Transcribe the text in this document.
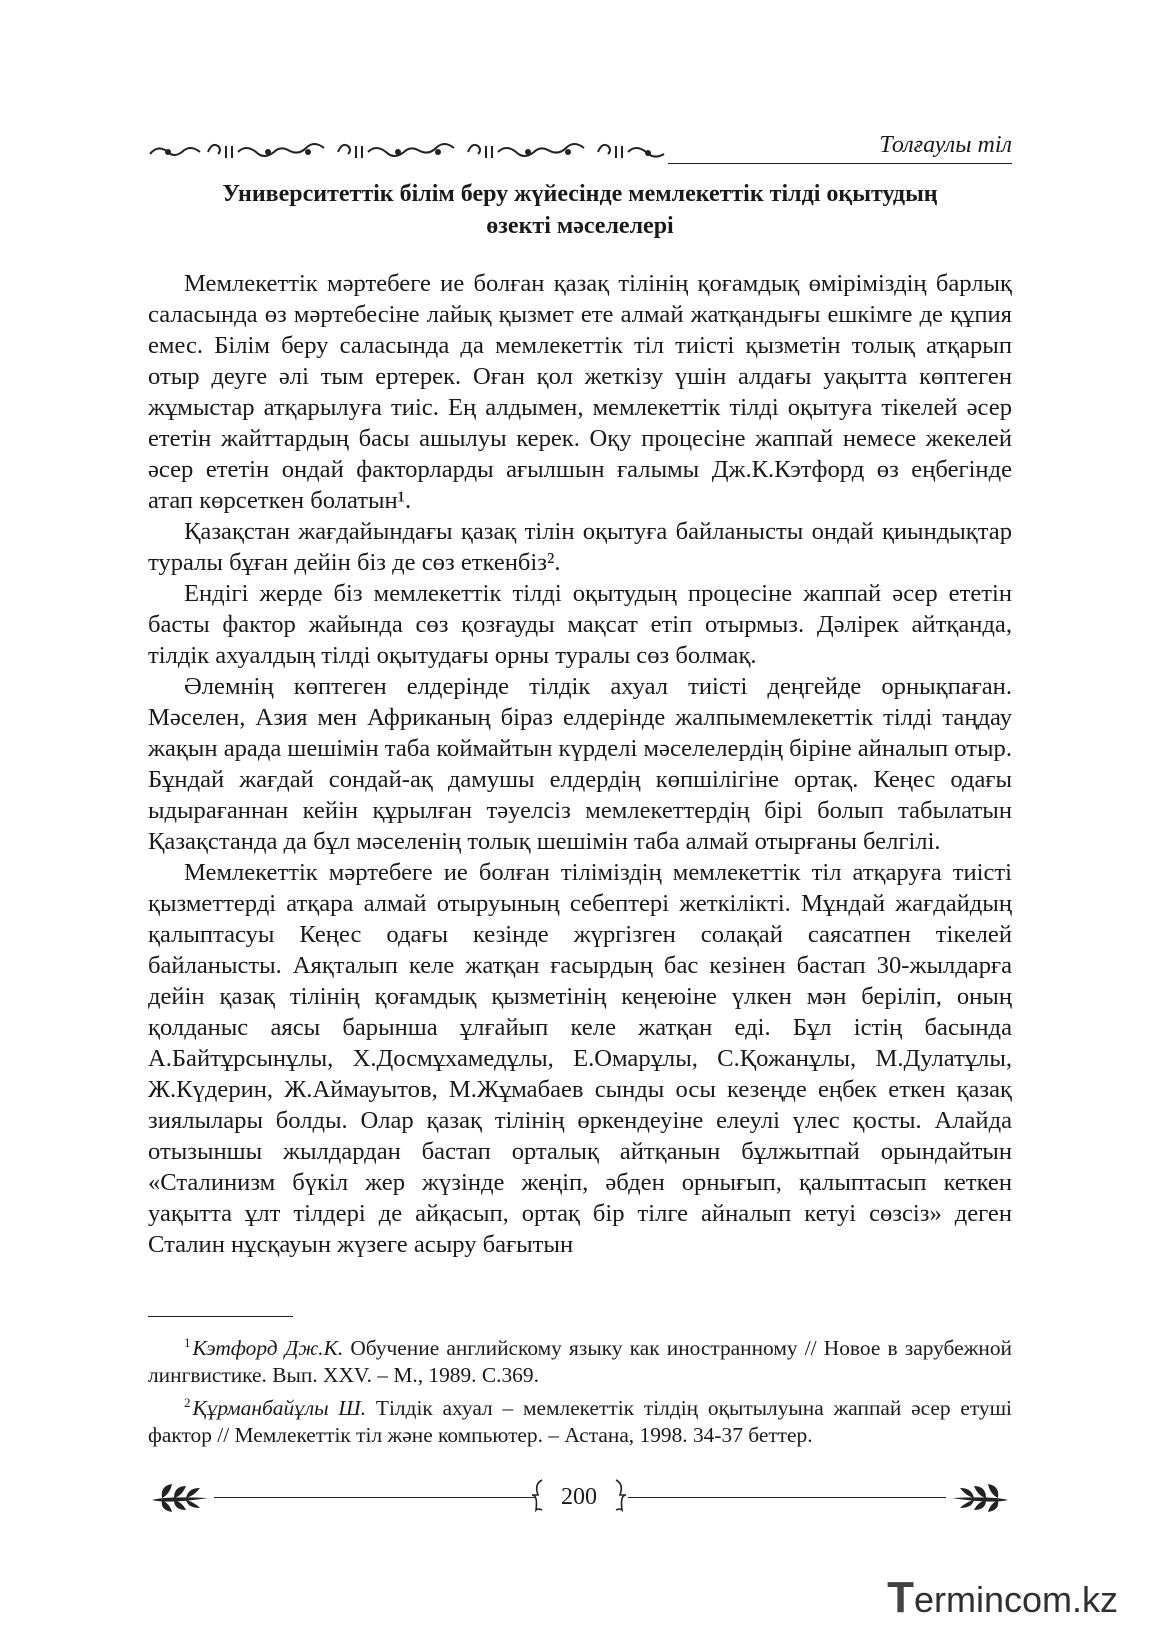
Толғаулы тіл
Университеттік білім беру жүйесінде мемлекеттік тілді оқытудың
өзекті мәселелері

Мемлекеттік мәртебеге ие болған қазақ тілінің қоғамдық өміріміздің барлық саласында өз мәртебесіне лайық қызмет ете алмай жатқандығы ешкімге де құпия емес. Білім беру саласында да мемлекеттік тіл тиісті қызметін толық атқарып отыр деуге әлі тым ертерек. Оған қол жеткізу үшін алдағы уақытта көптеген жұмыстар атқарылуға тиіс. Ең алдымен, мемлекеттік тілді оқытуға тікелей әсер ететін жайттардың басы ашылуы керек. Оқу процесіне жаппай немесе жекелей әсер ететін ондай факторларды ағылшын ғалымы Дж.К.Кэтфорд өз еңбегінде атап көрсеткен болатын¹.

Қазақстан жағдайындағы қазақ тілін оқытуға байланысты ондай қиындықтар туралы бұған дейін біз де сөз еткенбіз².

Ендігі жерде біз мемлекеттік тілді оқытудың процесіне жаппай әсер ететін басты фактор жайында сөз қозғауды мақсат етіп отырмыз. Дәлірек айтқанда, тілдік ахуалдың тілді оқытудағы орны туралы сөз болмақ.

Әлемнің көптеген елдерінде тілдік ахуал тиісті деңгейде орнықпаған. Мәселен, Азия мен Африканың біраз елдерінде жалпымемлекеттік тілді таңдау жақын арада шешімін таба коймайтын күрделі мәселелердің біріне айналып отыр. Бұндай жағдай сондай-ақ дамушы елдердің көпшілігіне ортақ. Кеңес одағы ыдырағаннан кейін құрылған тәуелсіз мемлекеттердің бірі болып табылатын Қазақстанда да бұл мәселенің толық шешімін таба алмай отырғаны белгілі.

Мемлекеттік мәртебеге ие болған тіліміздің мемлекеттік тіл атқаруға тиісті қызметтерді атқара алмай отыруының себептері жеткілікті. Мұндай жағдайдың қалыптасуы Кеңес одағы кезінде жүргізген солақай саясатпен тікелей байланысты. Аяқталып келе жатқан ғасырдың бас кезінен бастап 30-жылдарға дейін қазақ тілінің қоғамдық қызметінің кеңеюіне үлкен мән беріліп, оның қолданыс аясы барынша ұлғайып келе жатқан еді. Бұл істің басында А.Байтұрсынұлы, Х.Досмұхамедұлы, Е.Омарұлы, С.Қожанұлы, М.Дулатұлы, Ж.Күдерин, Ж.Аймауытов, М.Жұмабаев сынды осы кезеңде еңбек еткен қазақ зиялылары болды. Олар қазақ тілінің өркендеуіне елеулі үлес қосты. Алайда отызыншы жылдардан бастап орталық айтқанын бұлжытпай орындайтын «Сталинизм бүкіл жер жүзінде жеңіп, әбден орнығып, қалыптасып кеткен уақытта ұлт тілдері де айқасып, ортақ бір тілге айналып кетуі сөзсіз» деген Сталин нұсқауын жүзеге асыру бағытын

$^1$Кэтфорд Дж.К. Обучение английскому языку как иностранному // Новое в зарубежной лингвистике. Вып. XXV. – М., 1989. С.369.

$^2$Құрманбайұлы Ш. Тілдік ахуал – мемлекеттік тілдің оқытылуына жаппай әсер етуші фактор // Мемлекеттік тіл және компьютер. – Астана, 1998. 34-37 беттер.

200
Termincom.kz
